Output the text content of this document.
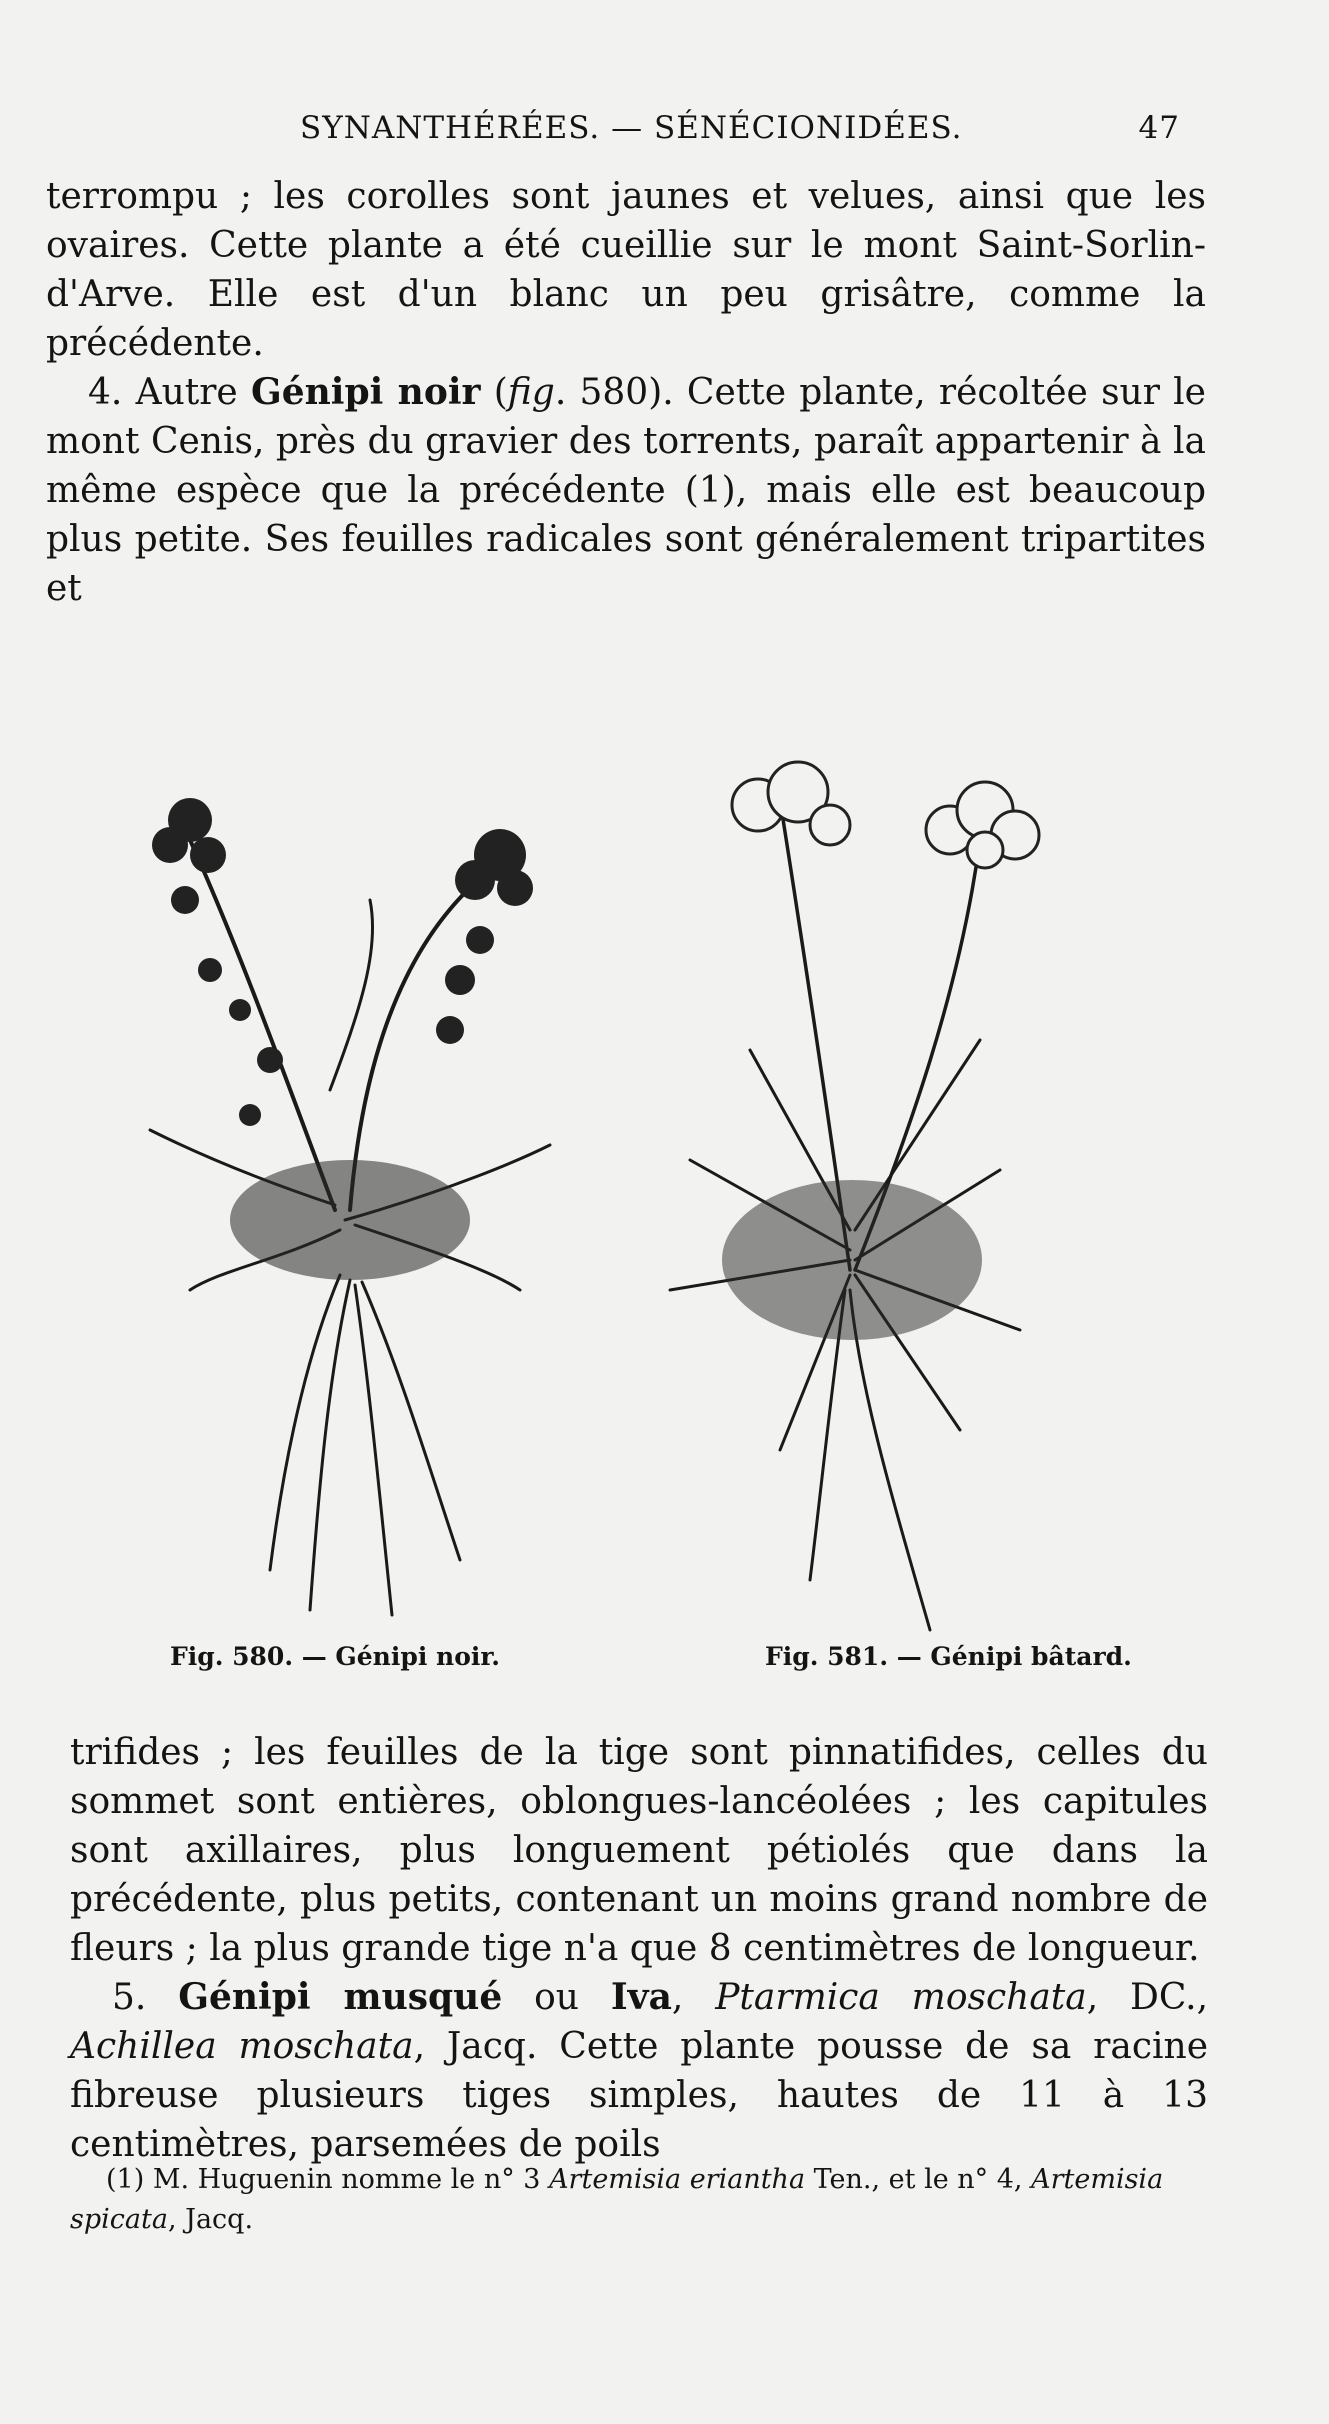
SYNANTHÉRÉES. — SÉNÉCIONIDÉES.	47

terrompu ; les corolles sont jaunes et velues, ainsi que les ovaires. Cette plante a été cueillie sur le mont Saint-Sorlin-d'Arve. Elle est d'un blanc un peu grisâtre, comme la précédente.

4. Autre Génipi noir (fig. 580). Cette plante, récoltée sur le mont Cenis, près du gravier des torrents, paraît appartenir à la même espèce que la précédente (1), mais elle est beaucoup plus petite. Ses feuilles radicales sont généralement tripartites et

Fig. 580. — Génipi noir.	Fig. 581. — Génipi bâtard.

trifides ; les feuilles de la tige sont pinnatifides, celles du sommet sont entières, oblongues-lancéolées ; les capitules sont axillaires, plus longuement pétiolés que dans la précédente, plus petits, contenant un moins grand nombre de fleurs ; la plus grande tige n'a que 8 centimètres de longueur.

5. Génipi musqué ou Iva, Ptarmica moschata, DC., Achillea moschata, Jacq. Cette plante pousse de sa racine fibreuse plusieurs tiges simples, hautes de 11 à 13 centimètres, parsemées de poils

(1) M. Huguenin nomme le n° 3 Artemisia eriantha Ten., et le n° 4, Artemisia spicata, Jacq.
